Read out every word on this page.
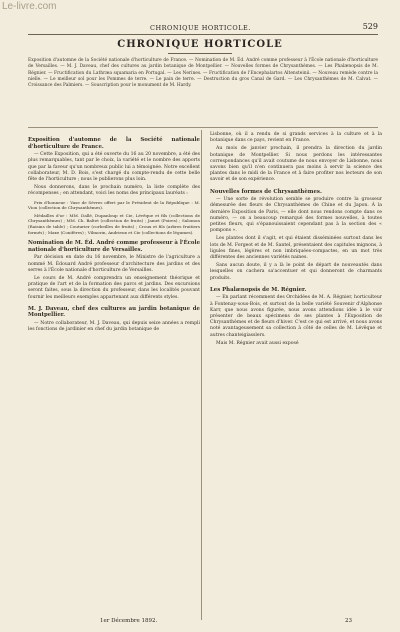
Le-livre.com
CHRONIQUE HORTICOLE.	529
CHRONIQUE HORTICOLE
Exposition d'automne de la Société nationale d'horticulture de France. — Nomination de M. Éd. André comme professeur à l'École nationale d'horticulture de Versailles. — M. J. Daveau, chef des cultures au jardin botanique de Montpellier. — Nouvelles formes de Chrysanthèmes. — Les Phalænopsis de M. Régnier. — Fructification du Lathræa squamaria en Portugal. — Les Nerines. — Fructification de l'Encephalartos Altensteinii. — Nouveau remède contre la nielle. — Le meilleur sol pour les Pommes de terre. — Le pain de terre. — Destruction du gros Canal de Gard. — Les Chrysanthèmes de M. Calvat. — Croissance des Palmiers. — Souscription pour le monument de M. Hardy.
Exposition d'automne de la Société nationale d'horticulture de France.

— Cette Exposition, qui a été ouverte du 16 au 20 novembre, a été des plus remarquables, tant par le choix, la variété et le nombre des apports que par la faveur qu'un nombreux public lui a témoignée. Notre excellent collaborateur, M. D. Bois, s'est chargé du compte-rendu de cette belle fête de l'horticulture ; nous le publierons plus loin.

Nous donnerons, dans le prochain numéro, la liste complète des récompenses ; en attendant, voici les noms des principaux lauréats :

Prix d'honneur : Vase de Sèvres offert par le Président de la République : M. Vion (collection de Chrysanthèmes).

Médailles d'or : MM. Dallé, Dupanloup et Cie, Lévêque et fils (collections de Chrysanthèmes) ; MM. Ch. Baltet (collection de fruits) ; Jamet (Poires) ; Salomon (Raisins de table) ; Couturier (corbeilles de fruits) ; Croux et fils (arbres fruitiers formés) ; Maxe (Conifères) ; Vilmorin, Andrieux et Cie (collections de légumes).

Nomination de M. Éd. André comme professeur à l'École nationale d'horticulture de Versailles.

Par décision en date du 16 novembre, le Ministre de l'agriculture a nommé M. Édouard André professeur d'architecture des jardins et des serres à l'École nationale d'horticulture de Versailles.

Le cours de M. André comprendra un enseignement théorique et pratique de l'art et de la formation des parcs et jardins. Des excursions seront faites, sous la direction du professeur, dans les localités pouvant fournir les meilleurs exemples appartenant aux différents styles.

M. J. Daveau, chef des cultures au jardin botanique de Montpellier.

— Notre collaborateur, M. J. Daveau, qui depuis seize années a rempli les fonctions de jardinier en chef du jardin botanique de

Lisbonne, où il a rendu de si grands services à la culture et à la botanique dans ce pays, revient en France.

Au mois de janvier prochain, il prendra la direction du jardin botanique de Montpellier. Si nous perdons les intéressantes correspondances qu'il avait coutume de nous envoyer de Lisbonne, nous savons bien qu'il n'en continuera pas moins à servir la science des plantes dans le midi de la France et à faire profiter nos lecteurs de son savoir et de son expérience.

Nouvelles formes de Chrysanthèmes.

— Une sorte de révolution semble se produire contre la grosseur démesurée des fleurs de Chrysanthèmes de Chine et du Japon. À la dernière Exposition de Paris, — elle dont nous rendons compte dans ce numéro, — on a beaucoup remarqué des formes nouvelles, à toutes petites fleurs, qui s'épanouissaient cependant pas à la section des « pompons ».

Les plantes dont il s'agit, et qui étaient disséminées surtout dans les lots de M. Forgeot et de M. Santel, présentaient des capitules mignons, à ligules fines, légères et non imbriquées-compactes, en un mot très différentes des anciennes variétés naines.

Sans aucun doute, il y a là le point de départ de nouveautés dans lesquelles on cachera sa'accentuer et qui donneront de charmants produits.

Les Phalænopsis de M. Régnier.

— En parlant récemment des Orchidées de M. A. Régnier, horticulteur à Fontenay-sous-Bois, et surtout de la belle variété Souvenir d'Alphonse Karr, que nous avons figurée, nous avons attendions idée à le voir présenter de beaux spécimens de ses plantes à l'Exposition de Chrysanthèmes et de fleurs d'hiver. C'est ce qui est arrivé, et nous avons noté avantageusement sa collection à côté de celles de M. Lévêque et autres chanteigiasslers.

Mais M. Régnier avait aussi exposé

1er Décembre 1892.	23
